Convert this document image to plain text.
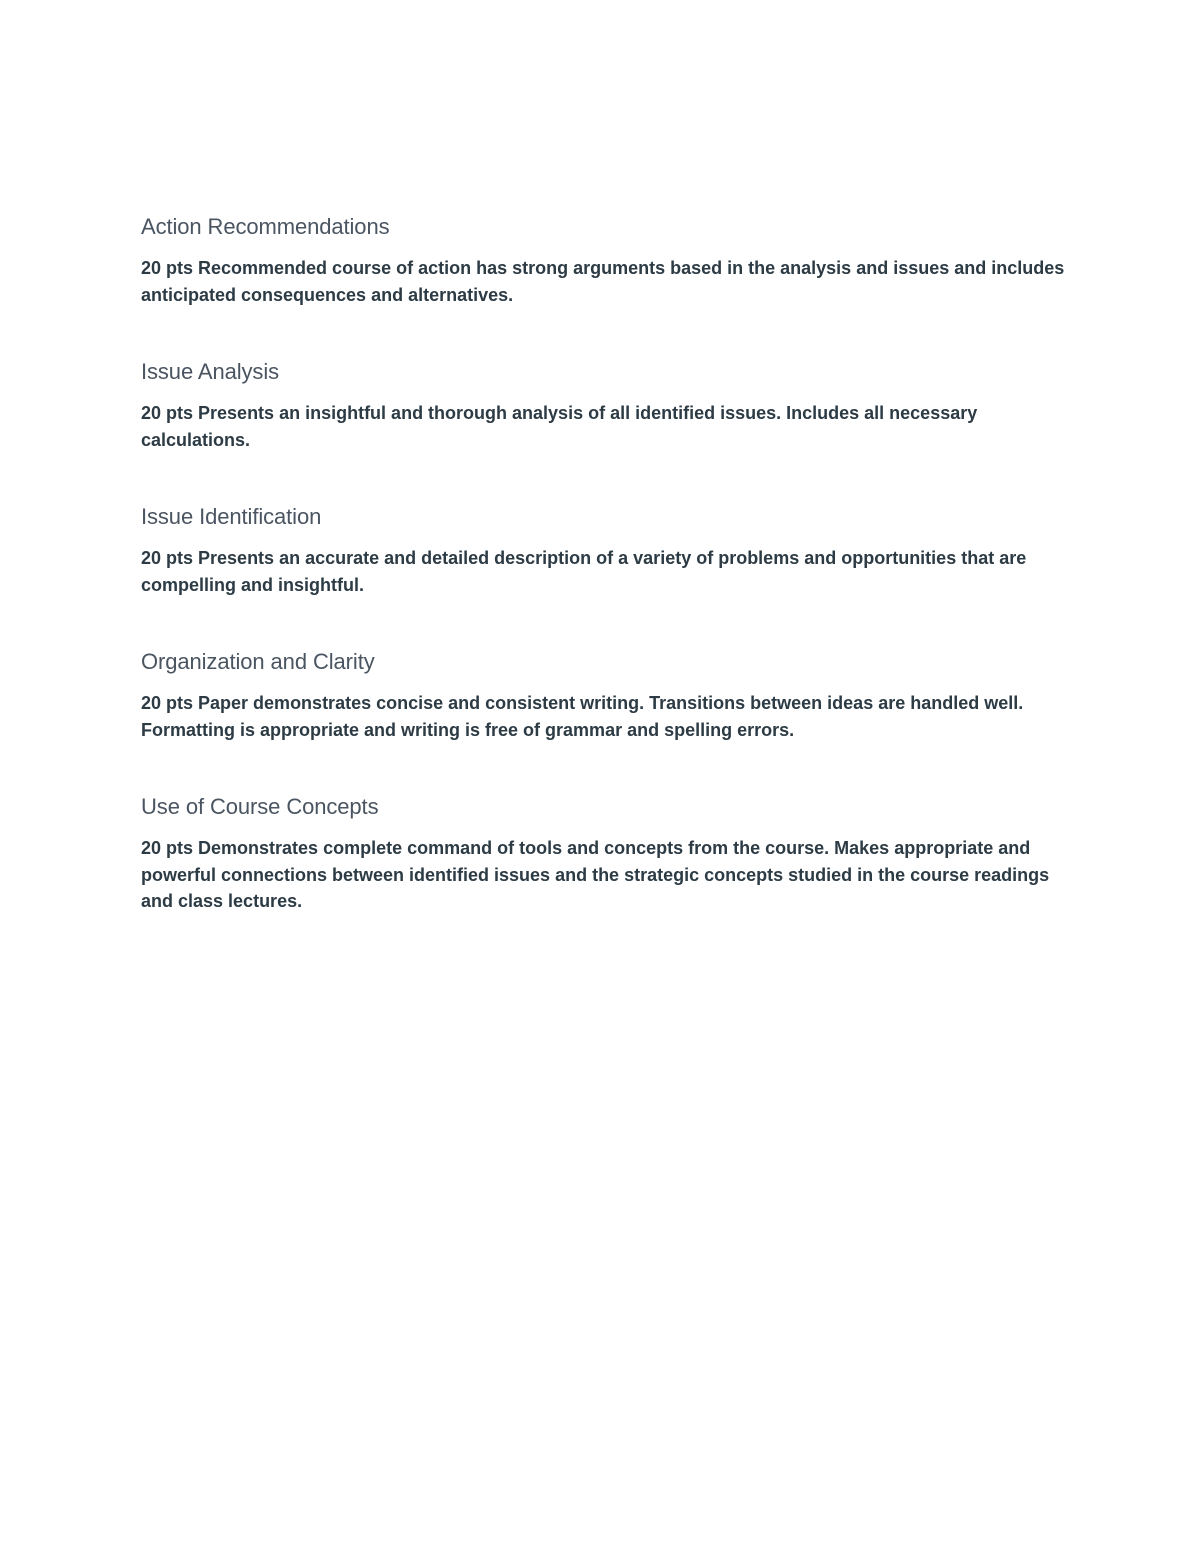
Action Recommendations

20 pts Recommended course of action has strong arguments based in the analysis and issues and includes anticipated consequences and alternatives.

Issue Analysis

20 pts Presents an insightful and thorough analysis of all identified issues. Includes all necessary calculations.

Issue Identification

20 pts Presents an accurate and detailed description of a variety of problems and opportunities that are compelling and insightful.

Organization and Clarity

20 pts Paper demonstrates concise and consistent writing. Transitions between ideas are handled well. Formatting is appropriate and writing is free of grammar and spelling errors.

Use of Course Concepts

20 pts Demonstrates complete command of tools and concepts from the course. Makes appropriate and powerful connections between identified issues and the strategic concepts studied in the course readings and class lectures.
